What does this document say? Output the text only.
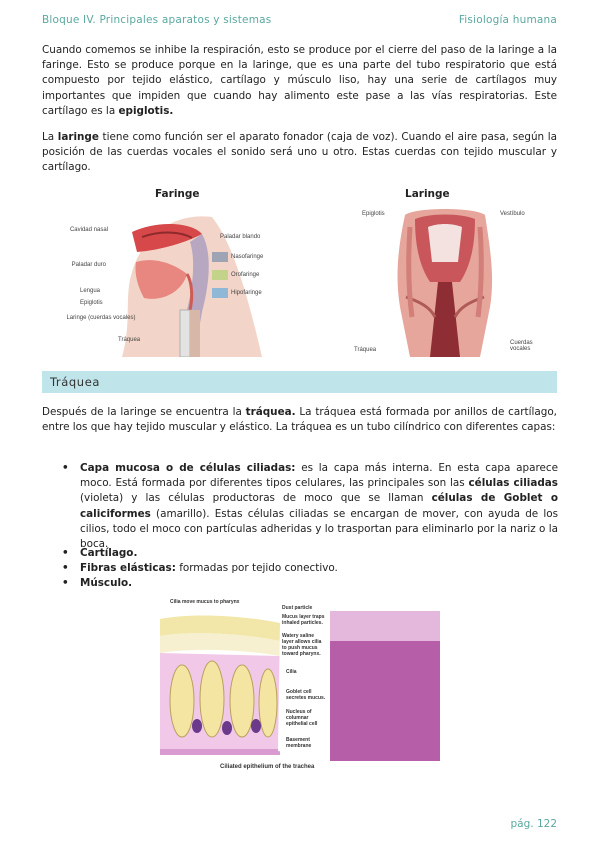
Bloque IV. Principales aparatos y sistemas	Fisiología humana

Cuando comemos se inhibe la respiración, esto se produce por el cierre del paso de la laringe a la faringe. Esto se produce porque en la laringe, que es una parte del tubo respiratorio que está compuesto por tejido elástico, cartílago y músculo liso, hay una serie de cartílagos muy importantes que impiden que cuando hay alimento este pase a las vías respiratorias. Este cartílago es la epiglotis.

La laringe tiene como función ser el aparato fonador (caja de voz). Cuando el aire pasa, según la posición de las cuerdas vocales el sonido será uno u otro. Estas cuerdas con tejido muscular y cartílago.

Faringe
Cavidad nasal
Paladar blando
Paladar duro
Lengua
Epiglotis
Laringe (cuerdas vocales)
Tráquea
Nasofaringe
Orofaringe
Hipofaringe
Laringe
Epiglotis	Vestíbulo
Tráquea
Cuerdas vocales
Tráquea

Después de la laringe se encuentra la tráquea. La tráquea está formada por anillos de cartílago, entre los que hay tejido muscular y elástico. La tráquea es un tubo cilíndrico con diferentes capas:

• Capa mucosa o de células ciliadas: es la capa más interna. En esta capa aparece moco. Está formada por diferentes tipos celulares, las principales son las células ciliadas (violeta) y las células productoras de moco que se llaman células de Goblet o caliciformes (amarillo). Estas células ciliadas se encargan de mover, con ayuda de los cilios, todo el moco con partículas adheridas y lo trasportan para eliminarlo por la nariz o la boca.
• Cartílago.
• Fibras elásticas: formadas por tejido conectivo.
• Músculo.
Cilia move mucus to pharynx
Dust particle
Mucus layer traps inhaled particles.
Watery saline layer allows cilia to push mucus toward pharynx.
Cilia
Goblet cell secretes mucus.
Nucleus of columnar epithelial cell
Basement membrane
Ciliated epithelium of the trachea
pág. 122
